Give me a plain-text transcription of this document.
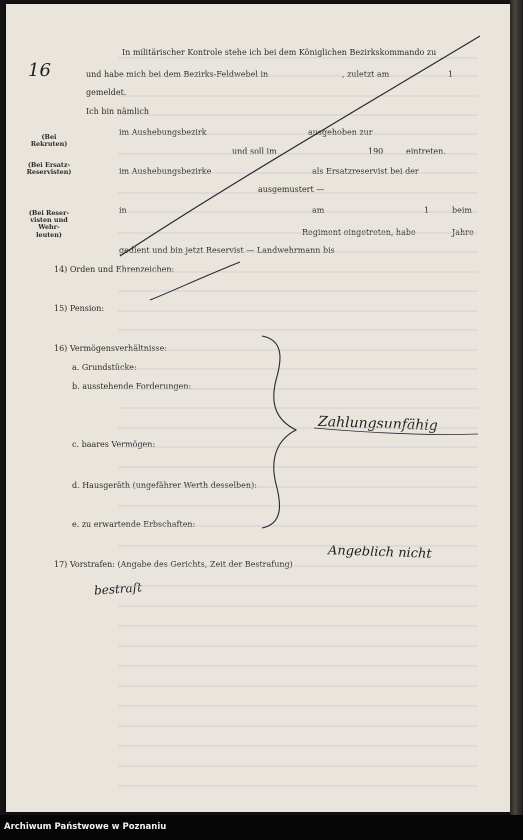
16
In militärischer Kontrole stehe ich bei dem Königlichen Bezirkskommando zu
und habe mich bei dem Bezirks-Feldwebel in	, zuletzt am	1
gemeldet.
Ich bin nämlich
(Bei
Rekruten)
im Aushebungsbezirk	ausgehoben zur
und soll im	190	eintreten.
(Bei Ersatz-
Reservisten)	im Aushebungsbezirke	als Ersatzreservist bei der
ausgemustert —
(Bei Reser-
visten und
Wehr-
leuten)
in	am	1	beim
Regiment eingetreten, habe	Jahre
gedient und bin jetzt Reservist — Landwehrmann bis
14) Orden und Ehrenzeichen:
15) Pension:
16) Vermögensverhältnisse:
a. Grundstücke:
b. ausstehende Forderungen:
c. baares Vermögen:
d. Hausgeräth (ungefährer Werth desselben):
e. zu erwartende Erbschaften:
17) Vorstrafen: (Angabe des Gerichts, Zeit der Bestrafung)
Zahlungsunfähig
Angeblich nicht
bestraft
Archiwum Państwowe w Poznaniu
